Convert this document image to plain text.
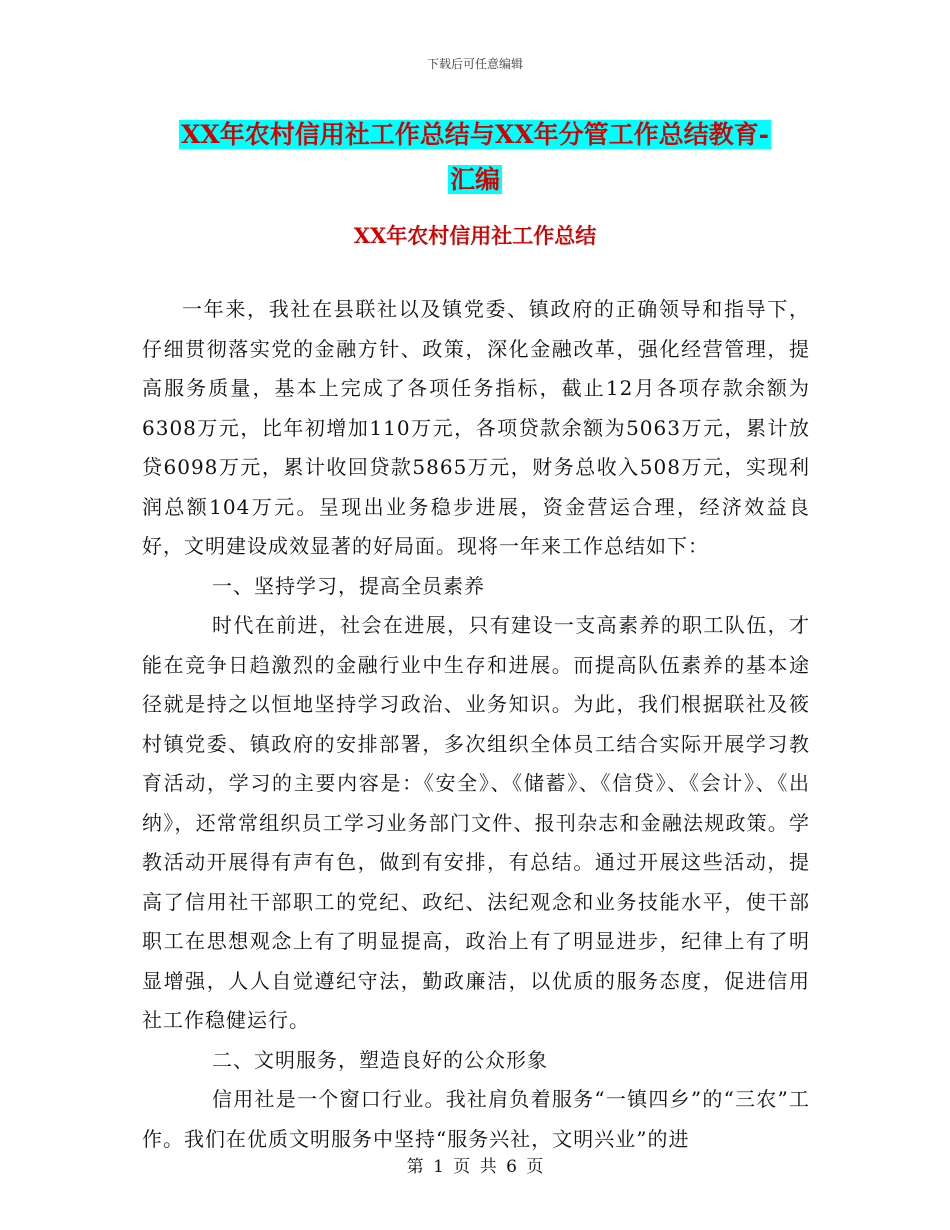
下载后可任意编辑
XX年农村信用社工作总结与XX年分管工作总结教育-
汇编
XX年农村信用社工作总结

一年来，我社在县联社以及镇党委、镇政府的正确领导和指导下，仔细贯彻落实党的金融方针、政策，深化金融改革，强化经营管理，提高服务质量，基本上完成了各项任务指标，截止12月各项存款余额为6308万元，比年初增加110万元，各项贷款余额为5063万元，累计放贷6098万元，累计收回贷款5865万元，财务总收入508万元，实现利润总额104万元。呈现出业务稳步进展，资金营运合理，经济效益良好，文明建设成效显著的好局面。现将一年来工作总结如下：

一、坚持学习，提高全员素养

时代在前进，社会在进展，只有建设一支高素养的职工队伍，才能在竞争日趋激烈的金融行业中生存和进展。而提高队伍素养的基本途径就是持之以恒地坚持学习政治、业务知识。为此，我们根据联社及筱村镇党委、镇政府的安排部署，多次组织全体员工结合实际开展学习教育活动，学习的主要内容是：《安全》、《储蓄》、《信贷》、《会计》、《出纳》，还常常组织员工学习业务部门文件、报刊杂志和金融法规政策。学教活动开展得有声有色，做到有安排，有总结。通过开展这些活动，提高了信用社干部职工的党纪、政纪、法纪观念和业务技能水平，使干部职工在思想观念上有了明显提高，政治上有了明显进步，纪律上有了明显增强，人人自觉遵纪守法，勤政廉洁，以优质的服务态度，促进信用社工作稳健运行。

二、文明服务，塑造良好的公众形象

信用社是一个窗口行业。我社肩负着服务“一镇四乡”的“三农”工作。我们在优质文明服务中坚持“服务兴社，文明兴业”的进

第 1 页 共 6 页
